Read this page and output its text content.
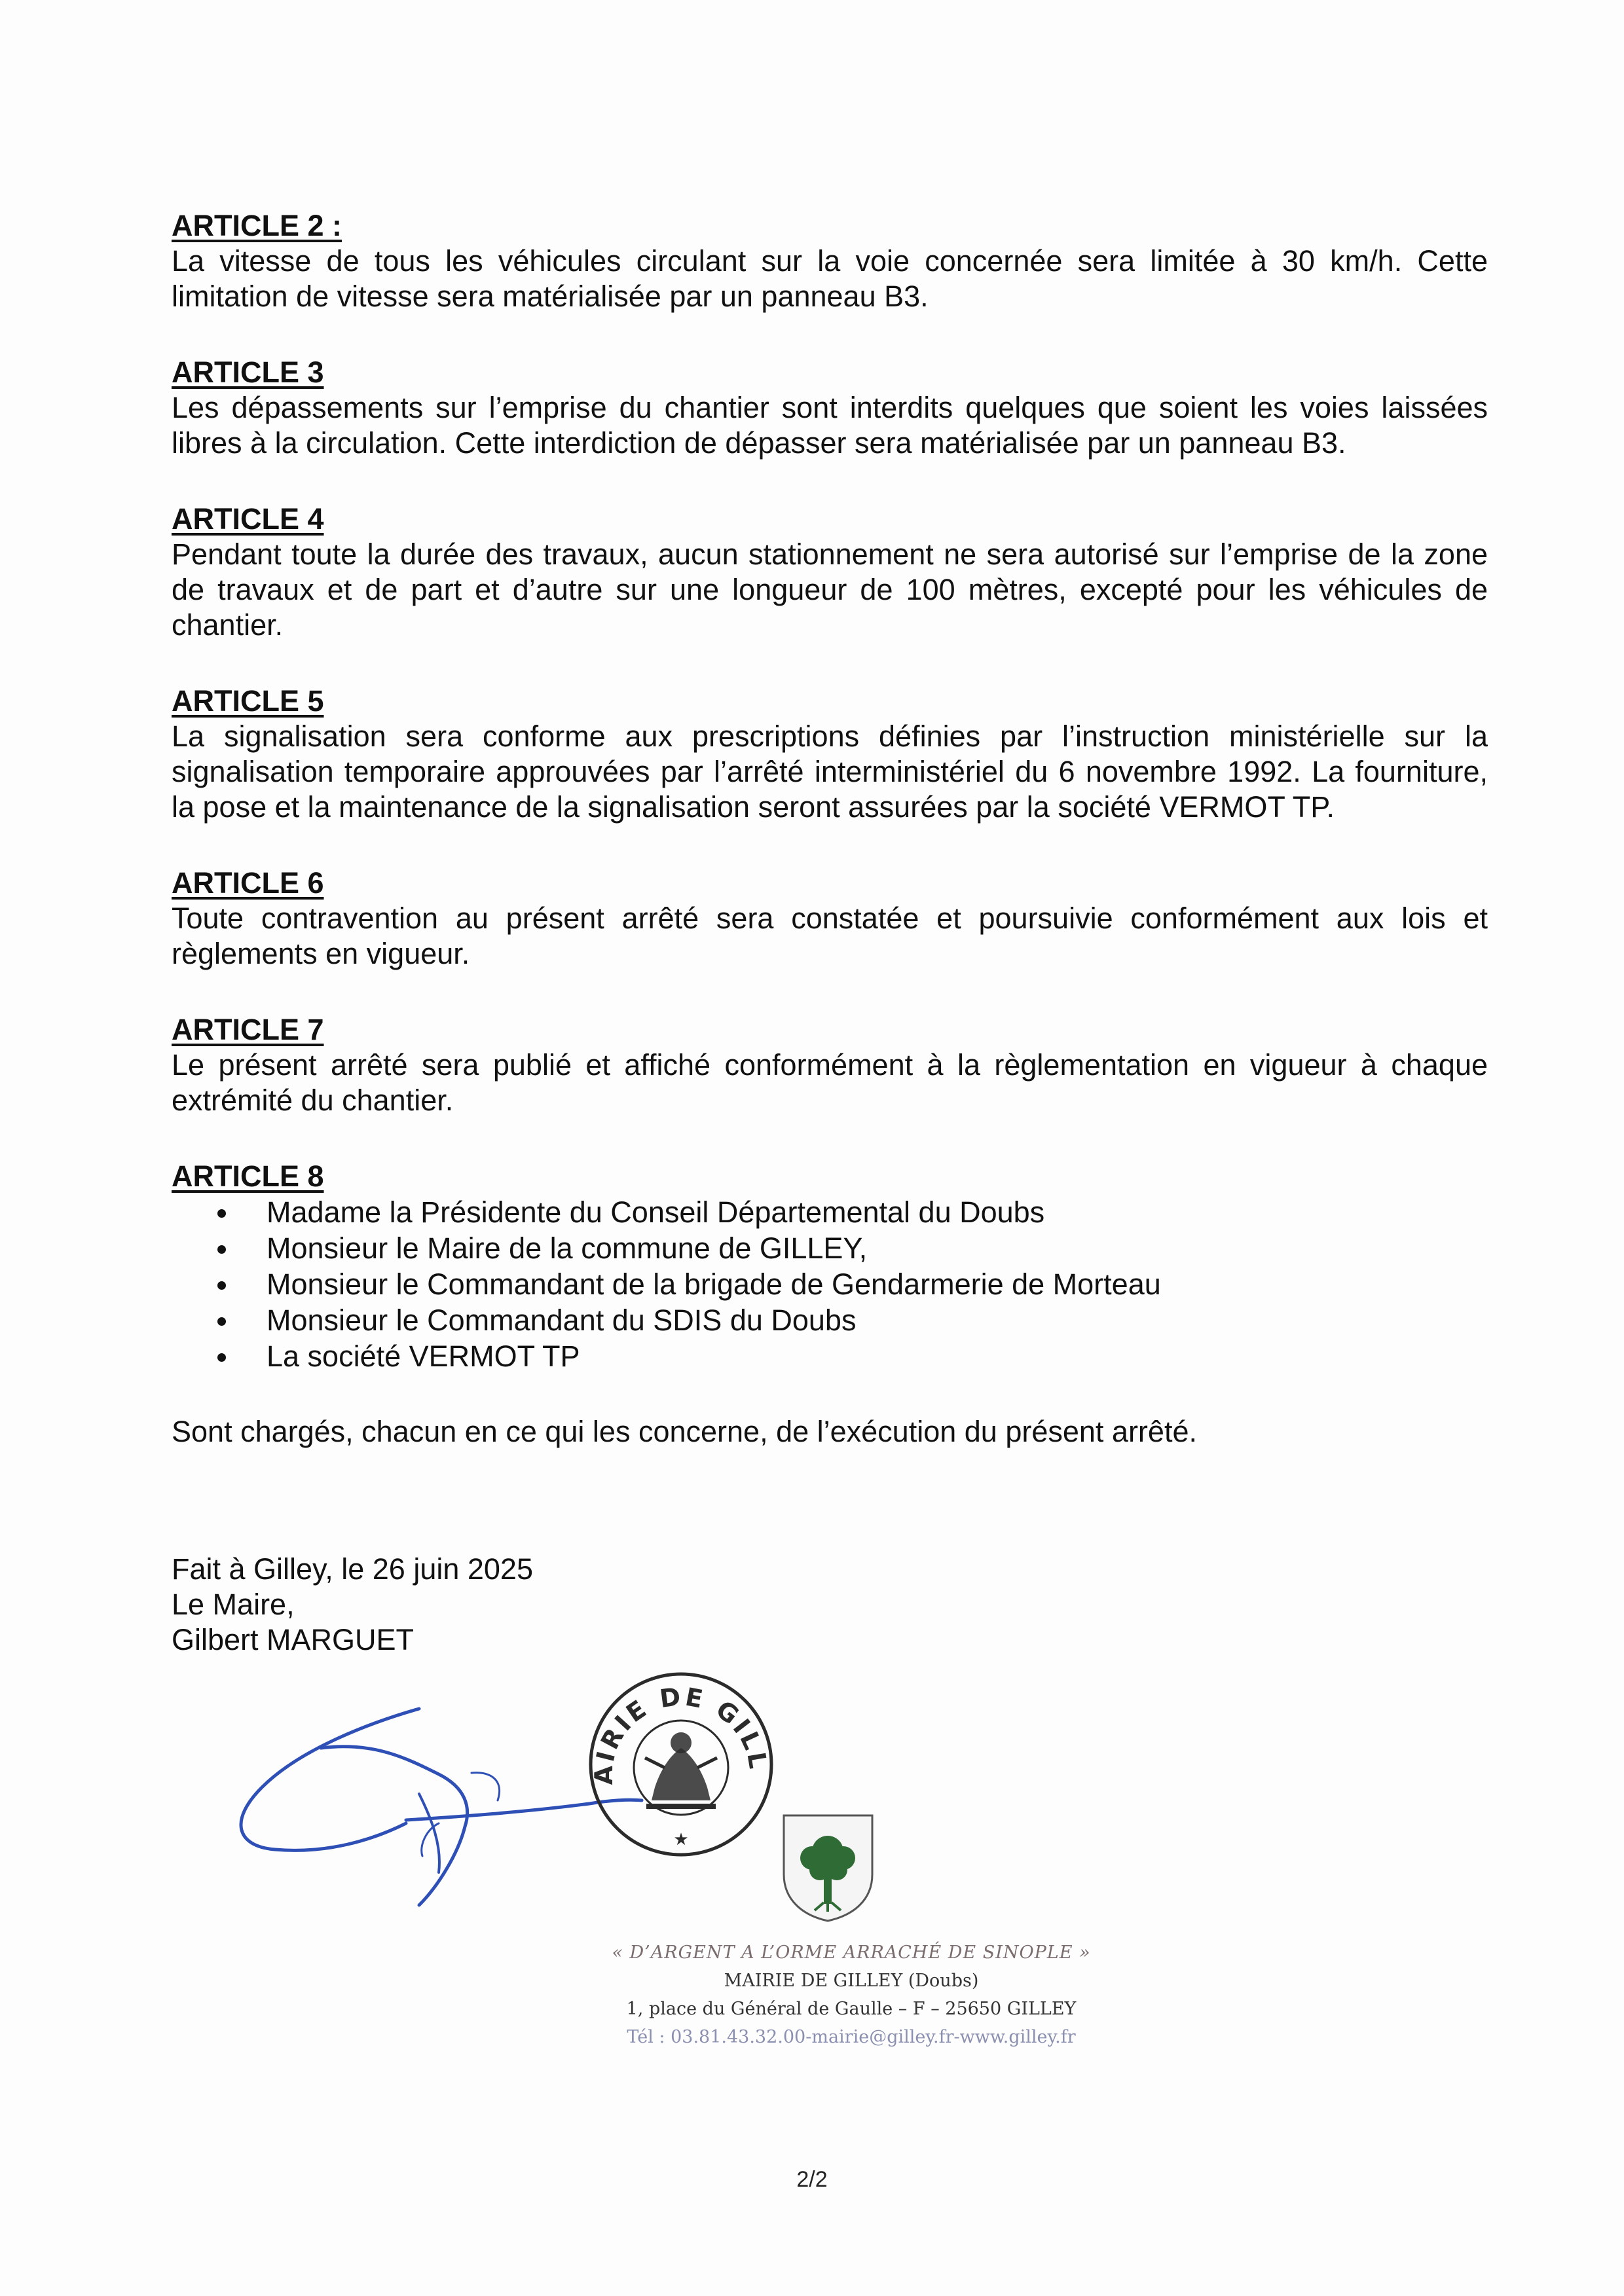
ARTICLE 2 :
La vitesse de tous les véhicules circulant sur la voie concernée sera limitée à 30 km/h. Cette limitation de vitesse sera matérialisée par un panneau B3.
ARTICLE 3
Les dépassements sur l’emprise du chantier sont interdits quelques que soient les voies laissées libres à la circulation. Cette interdiction de dépasser sera matérialisée par un panneau B3.
ARTICLE 4
Pendant toute la durée des travaux, aucun stationnement ne sera autorisé sur l’emprise de la zone de travaux et de part et d’autre sur une longueur de 100 mètres, excepté pour les véhicules de chantier.
ARTICLE 5
La signalisation sera conforme aux prescriptions définies par l’instruction ministérielle sur la signalisation temporaire approuvées par l’arrêté interministériel du 6 novembre 1992. La fourniture, la pose et la maintenance de la signalisation seront assurées par la société VERMOT TP.
ARTICLE 6
Toute contravention au présent arrêté sera constatée et poursuivie conformément aux lois et règlements en vigueur.
ARTICLE 7
Le présent arrêté sera publié et affiché conformément à la règlementation en vigueur à chaque extrémité du chantier.
ARTICLE 8
Madame la Présidente du Conseil Départemental du Doubs
Monsieur le Maire de la commune de GILLEY,
Monsieur le Commandant de la brigade de Gendarmerie de Morteau
Monsieur le Commandant du SDIS du Doubs
La société VERMOT TP
Sont chargés, chacun en ce qui les concerne, de l’exécution du présent arrêté.
Fait à Gilley, le 26 juin 2025
Le Maire,
Gilbert MARGUET
AIRIE DE GILL
★
« D’ARGENT A L’ORME ARRACHÉ DE SINOPLE »
MAIRIE DE GILLEY (Doubs)
1, place du Général de Gaulle – F – 25650 GILLEY
Tél : 03.81.43.32.00-mairie@gilley.fr-www.gilley.fr
2/2
